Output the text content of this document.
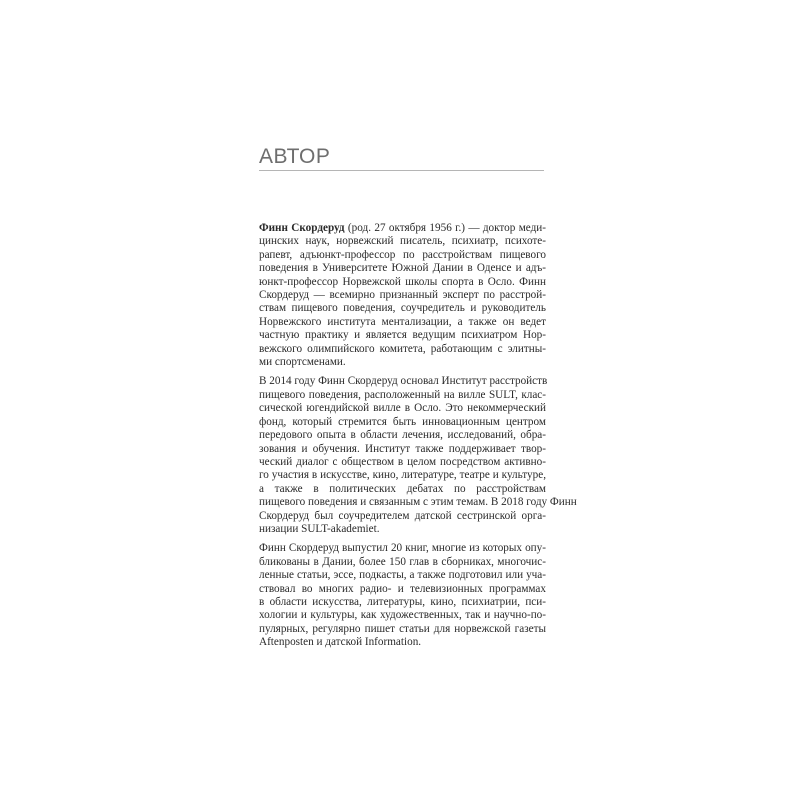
АВТОР
Финн Скордеруд (род. 27 октября 1956 г.) — доктор меди-
цинских наук, норвежский писатель, психиатр, психоте-
рапевт, адъюнкт-профессор по расстройствам пищевого
поведения в Университете Южной Дании в Оденсе и адъ-
юнкт-профессор Норвежской школы спорта в Осло. Финн
Скордеруд — всемирно признанный эксперт по расстрой-
ствам пищевого поведения, соучредитель и руководитель
Норвежского института ментализации, а также он ведет
частную практику и является ведущим психиатром Нор-
вежского олимпийского комитета, работающим с элитны-
ми спортсменами.
В 2014 году Финн Скордеруд основал Институт расстройств
пищевого поведения, расположенный на вилле SULT, клас-
сической югендийской вилле в Осло. Это некоммерческий
фонд, который стремится быть инновационным центром
передового опыта в области лечения, исследований, обра-
зования и обучения. Институт также поддерживает твор-
ческий диалог с обществом в целом посредством активно-
го участия в искусстве, кино, литературе, театре и культуре,
а также в политических дебатах по расстройствам
пищевого поведения и связанным с этим темам. В 2018 году Финн
Скордеруд был соучредителем датской сестринской орга-
низации SULT-akademiet.
Финн Скордеруд выпустил 20 книг, многие из которых опу-
бликованы в Дании, более 150 глав в сборниках, многочис-
ленные статьи, эссе, подкасты, а также подготовил или уча-
ствовал во многих радио- и телевизионных программах
в области искусства, литературы, кино, психиатрии, пси-
хологии и культуры, как художественных, так и научно-по-
пулярных, регулярно пишет статьи для норвежской газеты
Aftenposten и датской Information.
